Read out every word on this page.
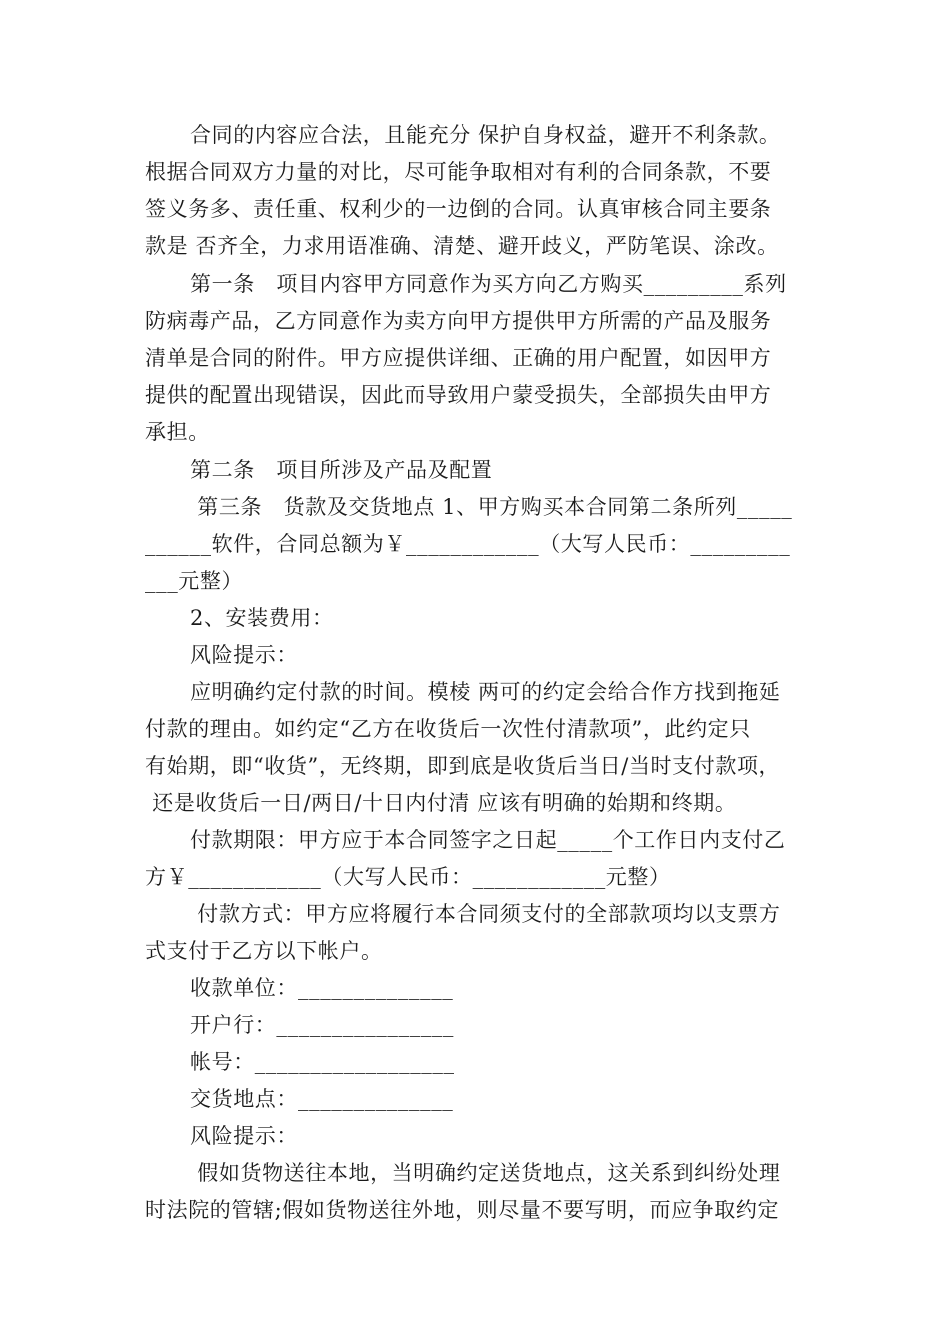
合同的内容应合法，且能充分 保护自身权益，避开不利条款。
根据合同双方力量的对比，尽可能争取相对有利的合同条款，不要
签义务多、责任重、权利少的一边倒的合同。认真审核合同主要条
款是 否齐全，力求用语准确、清楚、避开歧义，严防笔误、涂改。
第一条　项目内容甲方同意作为买方向乙方购买_________系列
防病毒产品，乙方同意作为卖方向甲方提供甲方所需的产品及服务
清单是合同的附件。甲方应提供详细、正确的用户配置，如因甲方
提供的配置出现错误，因此而导致用户蒙受损失，全部损失由甲方
承担。
第二条　项目所涉及产品及配置
第三条　货款及交货地点 1、甲方购买本合同第二条所列_____
______软件，合同总额为￥____________（大写人民币：_________
___元整）
2、安装费用：
风险提示：
应明确约定付款的时间。模棱 两可的约定会给合作方找到拖延
付款的理由。如约定“乙方在收货后一次性付清款项”，此约定只
有始期，即“收货”，无终期，即到底是收货后当日/当时支付款项，
还是收货后一日/两日/十日内付清 应该有明确的始期和终期。
付款期限：甲方应于本合同签字之日起_____个工作日内支付乙
方￥____________（大写人民币：____________元整）
付款方式：甲方应将履行本合同须支付的全部款项均以支票方
式支付于乙方以下帐户。
收款单位：______________
开户行：________________
帐号：__________________
交货地点：______________
风险提示：
假如货物送往本地，当明确约定送货地点，这关系到纠纷处理
时法院的管辖;假如货物送往外地，则尽量不要写明，而应争取约定
